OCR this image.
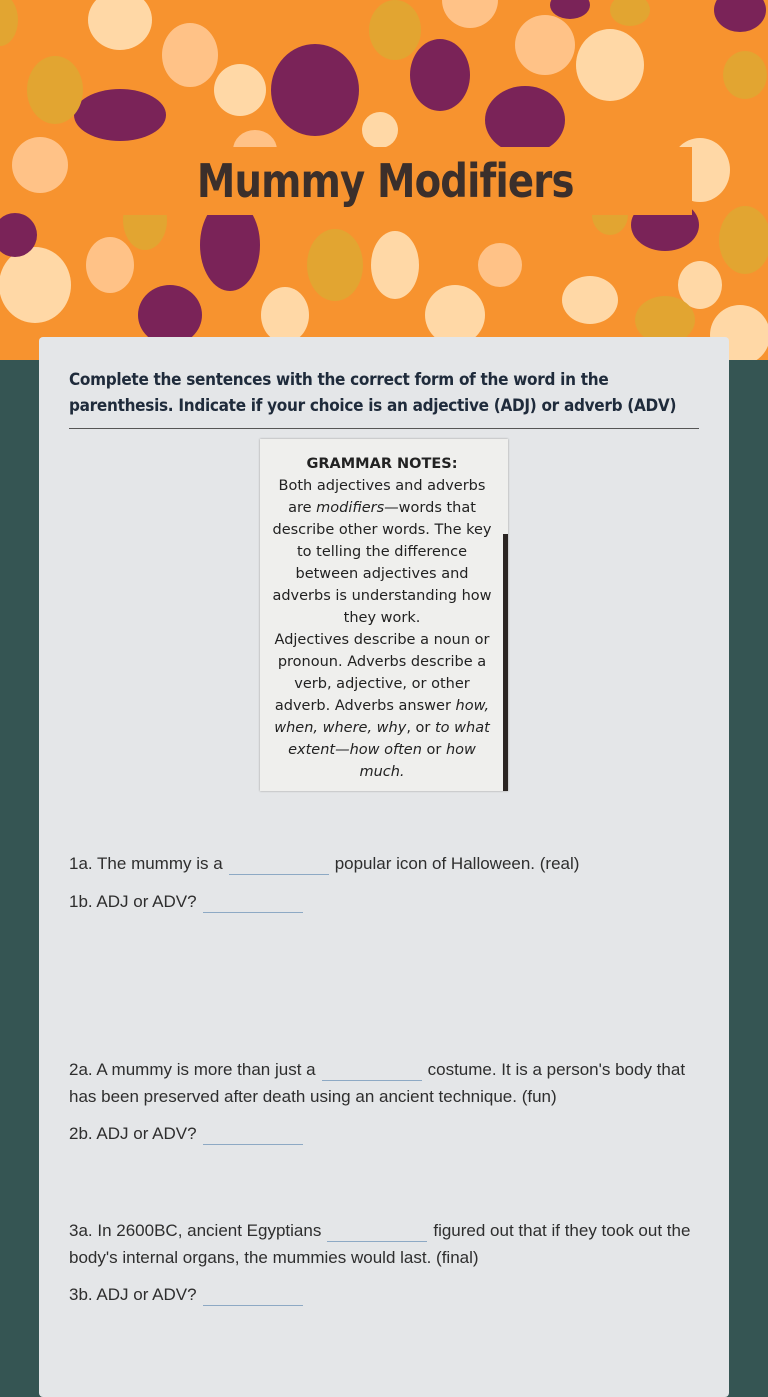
Mummy Modifiers
Complete the sentences with the correct form of the word in the parenthesis. Indicate if your choice is an adjective (ADJ) or adverb (ADV)
GRAMMAR NOTES:
Both adjectives and adverbs are modifiers—words that describe other words. The key to telling the difference between adjectives and adverbs is understanding how they work.
Adjectives describe a noun or pronoun. Adverbs describe a verb, adjective, or other adverb. Adverbs answer how, when, where, why, or to what extent—how often or how much.
1a. The mummy is a	popular icon of Halloween. (real)
1b. ADJ or ADV?
2a. A mummy is more than just a	costume. It is a person's body that has been preserved after death using an ancient technique. (fun)
2b. ADJ or ADV?
3a. In 2600BC, ancient Egyptians	figured out that if they took out the body's internal organs, the mummies would last. (final)
3b. ADJ or ADV?
